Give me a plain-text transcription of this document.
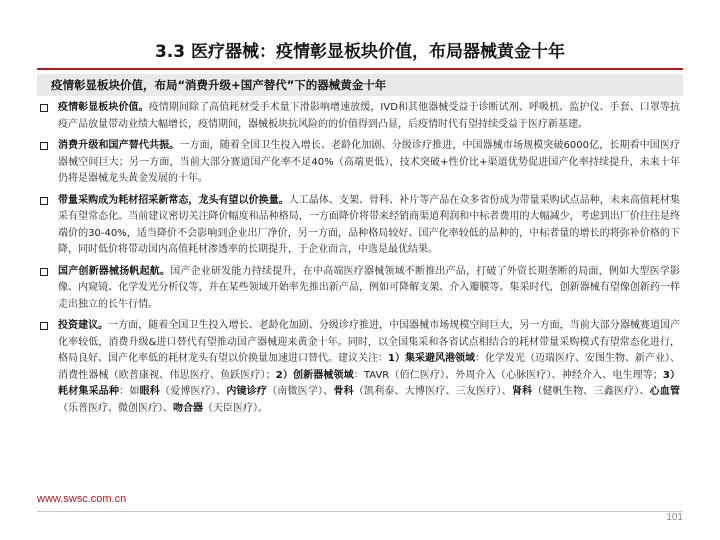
3.3 医疗器械：疫情彰显板块价值，布局器械黄金十年
疫情彰显板块价值，布局“消费升级+国产替代”下的器械黄金十年
疫情彰显板块价值。疫情期间除了高值耗材受手术量下滑影响增速放缓，IVD和其他器械受益于诊断试剂、呼吸机、监护仪、手套、口罩等抗疫产品放量带动业绩大幅增长，疫情期间，器械板块抗风险的的价值得到凸显，后疫情时代有望持续受益于医疗新基建。
消费升级和国产替代共振。一方面，随着全国卫生投入增长、老龄化加剧、分级诊疗推进，中国器械市场规模突破6000亿，长期看中国医疗器械空间巨大；另一方面，当前大部分赛道国产化率不足40%（高端更低），技术突破+性价比+渠道优势促进国产化率持续提升，未来十年仍将是器械龙头黄金发展的十年。
带量采购成为耗材招采新常态，龙头有望以价换量。人工晶体、支架、骨科、补片等产品在众多省份成为带量采购试点品种，未来高值耗材集采有望常态化。当前建议密切关注降价幅度和品种格局，一方面降价将带来经销商渠道利润和中标者费用的大幅减少，考虑到出厂价往往是终端价的30-40%，适当降价不会影响到企业出厂净价，另一方面，品种格局较好、国产化率较低的品种的，中标者量的增长的将弥补价格的下降，同时低价将带动国内高值耗材渗透率的长期提升，于企业而言，中选是最优结果。
国产创新器械扬帆起航。国产企业研发能力持续提升，在中高端医疗器械领域不断推出产品，打破了外资长期垄断的局面，例如大型医学影像、内窥镜、化学发光分析仪等，并在某些领域开始率先推出新产品，例如可降解支架、介入瓣膜等。集采时代，创新器械有望像创新药一样走出独立的长牛行情。
投资建议。一方面，随着全国卫生投入增长、老龄化加剧、分级诊疗推进，中国器械市场规模空间巨大，另一方面，当前大部分器械赛道国产化率较低，消费升级&进口替代有望推动国产器械迎来黄金十年。同时，以全国集采和各省试点相结合的耗材带量采购模式有望常态化进行，格局良好、国产化率低的耗材龙头有望以价换量加速进口替代。建议关注：1）集采避风港领域：化学发光（迈瑞医疗、安图生物、新产业）、消费性器械（欧普康视、伟思医疗、鱼跃医疗）；2）创新器械领域：TAVR（佰仁医疗）、外周介入（心脉医疗）、神经介入、电生理等；3）耗材集采品种：如眼科（爱博医疗）、内镜诊疗（南微医学）、骨科（凯利泰、大博医疗、三友医疗）、肾科（健帆生物、三鑫医疗）、心血管（乐普医疗、微创医疗）、吻合器（天臣医疗）。
www.swsc.com.cn
101
